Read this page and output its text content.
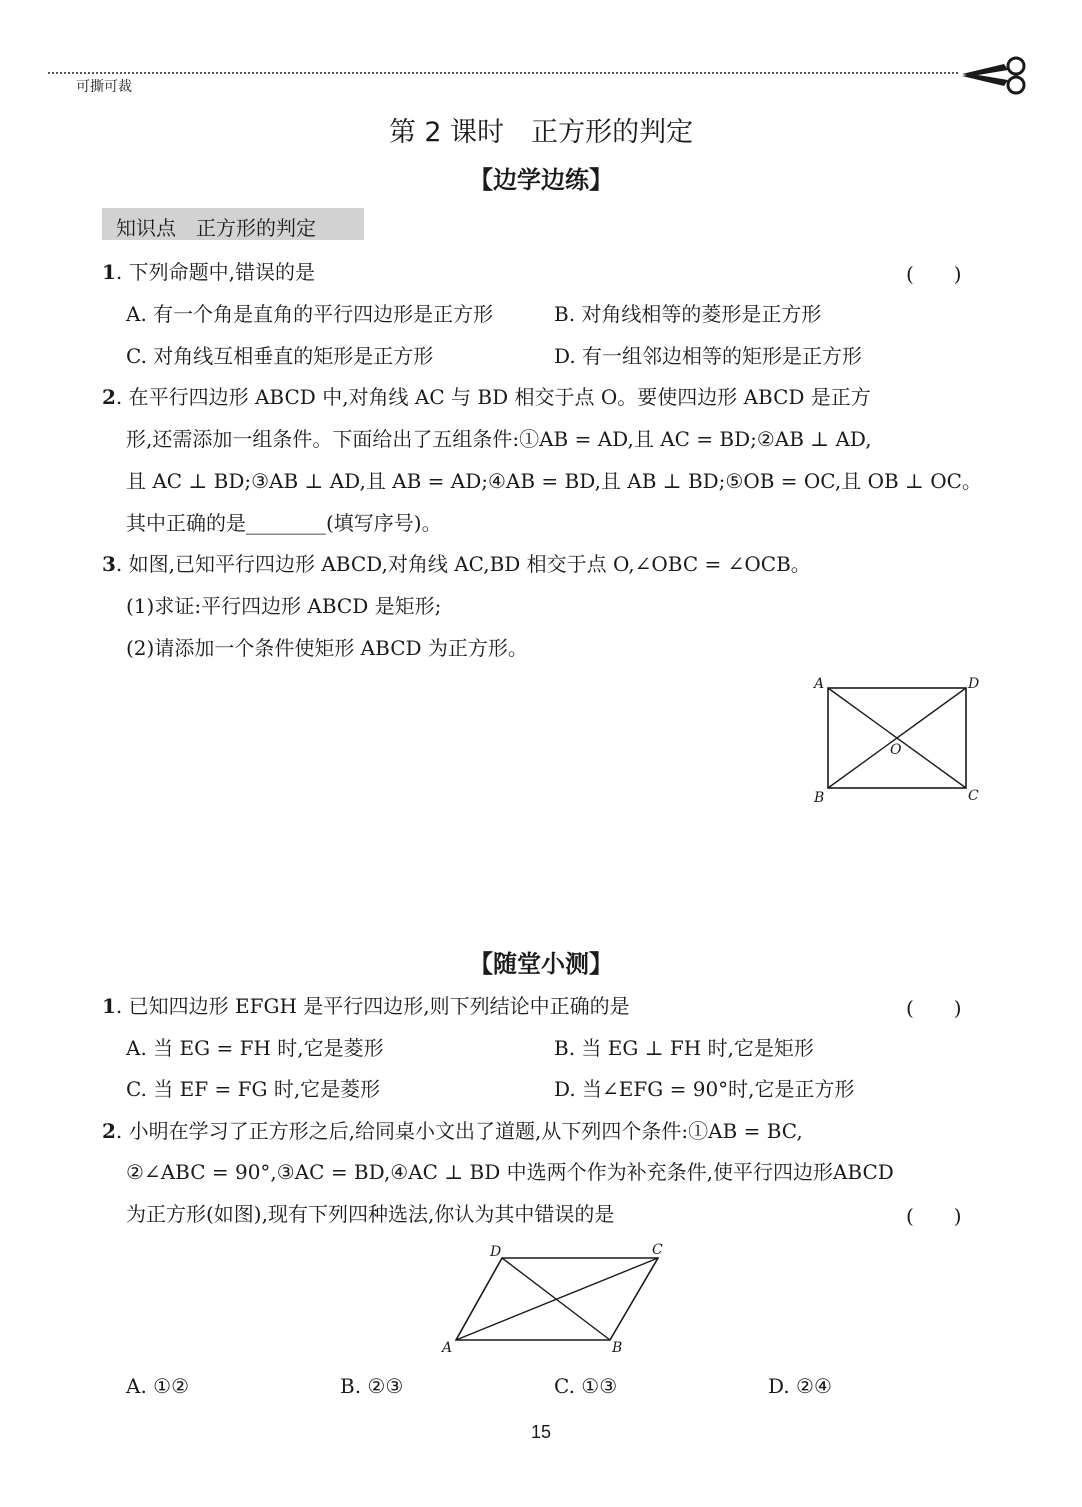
可撕可裁
第 2 课时　正方形的判定
【边学边练】
知识点　正方形的判定
1. 下列命题中,错误的是	(　　)
A. 有一个角是直角的平行四边形是正方形	B. 对角线相等的菱形是正方形
C. 对角线互相垂直的矩形是正方形	D. 有一组邻边相等的矩形是正方形
2. 在平行四边形 ABCD 中,对角线 AC 与 BD 相交于点 O。要使四边形 ABCD 是正方
形,还需添加一组条件。下面给出了五组条件:①AB = AD,且 AC = BD;②AB ⊥ AD,
且 AC ⊥ BD;③AB ⊥ AD,且 AB = AD;④AB = BD,且 AB ⊥ BD;⑤OB = OC,且 OB ⊥ OC。
其中正确的是________(填写序号)。
3. 如图,已知平行四边形 ABCD,对角线 AC,BD 相交于点 O,∠OBC = ∠OCB。
(1)求证:平行四边形 ABCD 是矩形;
(2)请添加一个条件使矩形 ABCD 为正方形。
A	D
B	C
O
【随堂小测】
1. 已知四边形 EFGH 是平行四边形,则下列结论中正确的是	(　　)
A. 当 EG = FH 时,它是菱形	B. 当 EG ⊥ FH 时,它是矩形
C. 当 EF = FG 时,它是菱形	D. 当∠EFG = 90°时,它是正方形
2. 小明在学习了正方形之后,给同桌小文出了道题,从下列四个条件:①AB = BC,
②∠ABC = 90°,③AC = BD,④AC ⊥ BD 中选两个作为补充条件,使平行四边形ABCD
为正方形(如图),现有下列四种选法,你认为其中错误的是	(　　)
D	C
A	B
A. ①②	B. ②③	C. ①③	D. ②④
15
